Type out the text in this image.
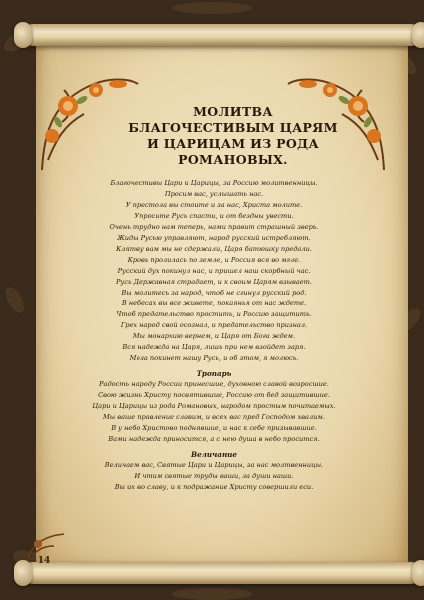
МОЛИТВА
БЛАГОЧЕСТИВЫМ ЦАРЯМ
И ЦАРИЦАМ ИЗ РОДА РОМАНОВЫХ.
Благочестивы Цари и Царицы, за Россию молитвенницы.
Просим вас, услышать нас.
У престола вы стоите и за нас, Христа молите.
Упросите Русь спасти, и от бездны увести.
Очень трудно нам теперь, нами правит страшный зверь.
Жиды Русью управляют, народ русский истребляют.
Клятву вам мы не сдержали, Царя батюшку предали.
Кровь пролилась по земле, и Россия вся во мгле.
Русский дух покинул нас, и пришел наш скорбный час.
Русь Державная страдает, и к своим Царям взывает.
Вы молитесь за народ, чтоб не сгинул русский род.
В небесах вы все живете, покаянья от нас ждете.
Чтоб предательство простить, и Россию защитить.
Грех народ свой осознал, и предательство признал.
Мы монархию вернем, и Царя от Бога ждем.
Вся надежда на Царя, лишь при нем взойдет заря.
Мгла покинет нашу Русь, и об этом, я молюсь.
Тропарь
Радость народу России принесшие, духовною славой возросшие.
Свою жизнь Христу посвятившие, Россию от бед защитившие.
Цари и Царицы из рода Романовых, народом простым почитаемых.
Мы ваше правление славим, и всех вас пред Господом хвалим.
В у небо Христово поднявшие, и нас к себе призывавшие.
Вами надежда приносится, а с нею душа в небо просится.
Величание
Величаем вас, Святые Цари и Царицы, за нас молтвенницы.
И чтим святые труды ваши, за души наши.
Вы их во славу, и к подражание Христу совершили еси.
14
